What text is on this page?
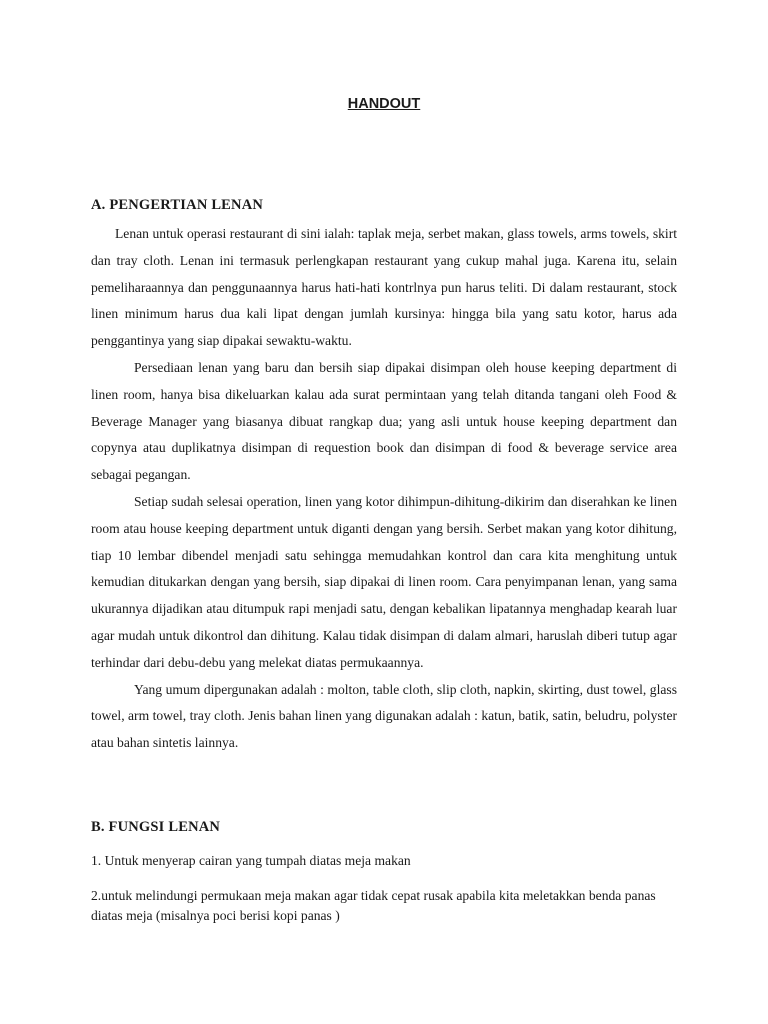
HANDOUT
A. PENGERTIAN LENAN

Lenan untuk operasi restaurant di sini ialah: taplak meja, serbet makan, glass towels, arms towels, skirt dan tray cloth. Lenan ini termasuk perlengkapan restaurant yang cukup mahal juga. Karena itu, selain pemeliharaannya dan penggunaannya harus hati-hati kontrlnya pun harus teliti. Di dalam restaurant, stock linen minimum harus dua kali lipat dengan jumlah kursinya: hingga bila yang satu kotor, harus ada penggantinya yang siap dipakai sewaktu-waktu.

Persediaan lenan yang baru dan bersih siap dipakai disimpan oleh house keeping department di linen room, hanya bisa dikeluarkan kalau ada surat permintaan yang telah ditanda tangani oleh Food & Beverage Manager yang biasanya dibuat rangkap dua; yang asli untuk house keeping department dan copynya atau duplikatnya disimpan di requestion book dan disimpan di food & beverage service area sebagai pegangan.

Setiap sudah selesai operation, linen yang kotor dihimpun-dihitung-dikirim dan diserahkan ke linen room atau house keeping department untuk diganti dengan yang bersih. Serbet makan yang kotor dihitung, tiap 10 lembar dibendel menjadi satu sehingga memudahkan kontrol dan cara kita menghitung untuk kemudian ditukarkan dengan yang bersih, siap dipakai di linen room. Cara penyimpanan lenan, yang sama ukurannya dijadikan atau ditumpuk rapi menjadi satu, dengan kebalikan lipatannya menghadap kearah luar agar mudah untuk dikontrol dan dihitung. Kalau tidak disimpan di dalam almari, haruslah diberi tutup agar terhindar dari debu-debu yang melekat diatas permukaannya.

Yang umum dipergunakan adalah : molton, table cloth, slip cloth, napkin, skirting, dust towel, glass towel, arm towel, tray cloth. Jenis bahan linen yang digunakan adalah : katun, batik, satin, beludru, polyster atau bahan sintetis lainnya.

B. FUNGSI LENAN
1. Untuk menyerap cairan yang tumpah diatas meja makan
2.untuk melindungi permukaan meja makan agar tidak cepat rusak apabila kita meletakkan benda panas diatas meja (misalnya poci berisi kopi panas )
